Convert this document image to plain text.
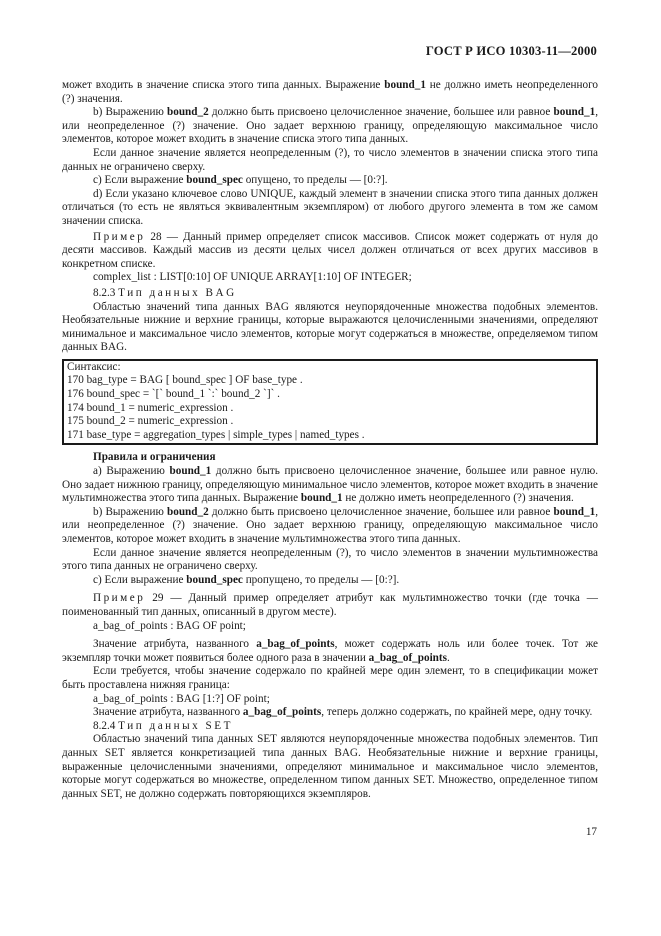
ГОСТ Р ИСО 10303-11—2000

может входить в значение списка этого типа данных. Выражение bound_1 не должно иметь неопределенного (?) значения.

b) Выражению bound_2 должно быть присвоено целочисленное значение, большее или равное bound_1, или неопределенное (?) значение. Оно задает верхнюю границу, определяющую максимальное число элементов, которое может входить в значение списка этого типа данных.

Если данное значение является неопределенным (?), то число элементов в значении списка этого типа данных не ограничено сверху.

c) Если выражение bound_spec опущено, то пределы — [0:?].

d) Если указано ключевое слово UNIQUE, каждый элемент в значении списка этого типа данных должен отличаться (то есть не являться эквивалентным экземпляром) от любого другого элемента в том же самом значении списка.

Пример 28 — Данный пример определяет список массивов. Список может содержать от нуля до десяти массивов. Каждый массив из десяти целых чисел должен отличаться от всех других массивов в конкретном списке.

complex_list : LIST[0:10] OF UNIQUE ARRAY[1:10] OF INTEGER;

8.2.3 Тип данных BAG

Областью значений типа данных BAG являются неупорядоченные множества подобных элементов. Необязательные нижние и верхние границы, которые выражаются целочисленными значениями, определяют минимальное и максимальное число элементов, которые могут содержаться в множестве, определяемом типом данных BAG.

Синтаксис:

170 bag_type = BAG [ bound_spec ] OF base_type .

176 bound_spec = `[` bound_1 `:` bound_2 `]` .

174 bound_1 = numeric_expression .

175 bound_2 = numeric_expression .

171 base_type = aggregation_types | simple_types | named_types .

Правила и ограничения

a) Выражению bound_1 должно быть присвоено целочисленное значение, большее или равное нулю. Оно задает нижнюю границу, определяющую минимальное число элементов, которое может входить в значение мультимножества этого типа данных. Выражение bound_1 не должно иметь неопределенного (?) значения.

b) Выражению bound_2 должно быть присвоено целочисленное значение, большее или равное bound_1, или неопределенное (?) значение. Оно задает верхнюю границу, определяющую максимальное число элементов, которое может входить в значение мультимножества этого типа данных.

Если данное значение является неопределенным (?), то число элементов в значении мультимножества этого типа данных не ограничено сверху.

c) Если выражение bound_spec пропущено, то пределы — [0:?].

Пример 29 — Данный пример определяет атрибут как мультимножество точки (где точка — поименованный тип данных, описанный в другом месте).

a_bag_of_points : BAG OF point;

Значение атрибута, названного a_bag_of_points, может содержать ноль или более точек. Тот же экземпляр точки может появиться более одного раза в значении a_bag_of_points.

Если требуется, чтобы значение содержало по крайней мере один элемент, то в спецификации может быть проставлена нижняя граница:

a_bag_of_points : BAG [1:?] OF point;

Значение атрибута, названного a_bag_of_points, теперь должно содержать, по крайней мере, одну точку.

8.2.4 Тип данных SET

Областью значений типа данных SET являются неупорядоченные множества подобных элементов. Тип данных SET является конкретизацией типа данных BAG. Необязательные нижние и верхние границы, выраженные целочисленными значениями, определяют минимальное и максимальное число элементов, которые могут содержаться во множестве, определенном типом данных SET. Множество, определенное типом данных SET, не должно содержать повторяющихся экземпляров.

17
